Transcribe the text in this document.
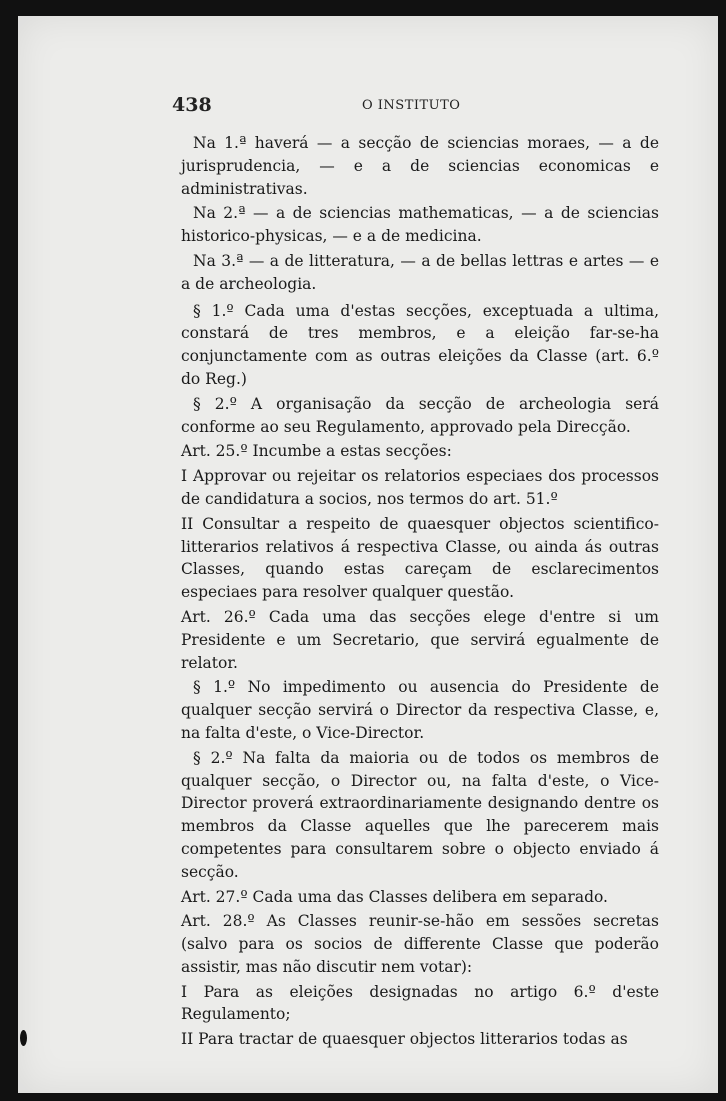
438	O INSTITUTO

Na 1.ª haverá — a secção de sciencias moraes, — a de jurisprudencia, — e a de sciencias economicas e administrativas.

Na 2.ª — a de sciencias mathematicas, — a de sciencias historico-physicas, — e a de medicina.

Na 3.ª — a de litteratura, — a de bellas lettras e artes — e a de archeologia.

§ 1.º Cada uma d'estas secções, exceptuada a ultima, constará de tres membros, e a eleição far-se-ha conjunctamente com as outras eleições da Classe (art. 6.º do Reg.)

§ 2.º A organisação da secção de archeologia será conforme ao seu Regulamento, approvado pela Direcção.

Art. 25.º Incumbe a estas secções:

I Approvar ou rejeitar os relatorios especiaes dos processos de candidatura a socios, nos termos do art. 51.º

II Consultar a respeito de quaesquer objectos scientifico-litterarios relativos á respectiva Classe, ou ainda ás outras Classes, quando estas careçam de esclarecimentos especiaes para resolver qualquer questão.

Art. 26.º Cada uma das secções elege d'entre si um Presidente e um Secretario, que servirá egualmente de relator.

§ 1.º No impedimento ou ausencia do Presidente de qualquer secção servirá o Director da respectiva Classe, e, na falta d'este, o Vice-Director.

§ 2.º Na falta da maioria ou de todos os membros de qualquer secção, o Director ou, na falta d'este, o Vice-Director proverá extraordinariamente designando dentre os membros da Classe aquelles que lhe parecerem mais competentes para consultarem sobre o objecto enviado á secção.

Art. 27.º Cada uma das Classes delibera em separado.

Art. 28.º As Classes reunir-se-hão em sessões secretas (salvo para os socios de differente Classe que poderão assistir, mas não discutir nem votar):

I Para as eleições designadas no artigo 6.º d'este Regulamento;

II Para tractar de quaesquer objectos litterarios todas as
